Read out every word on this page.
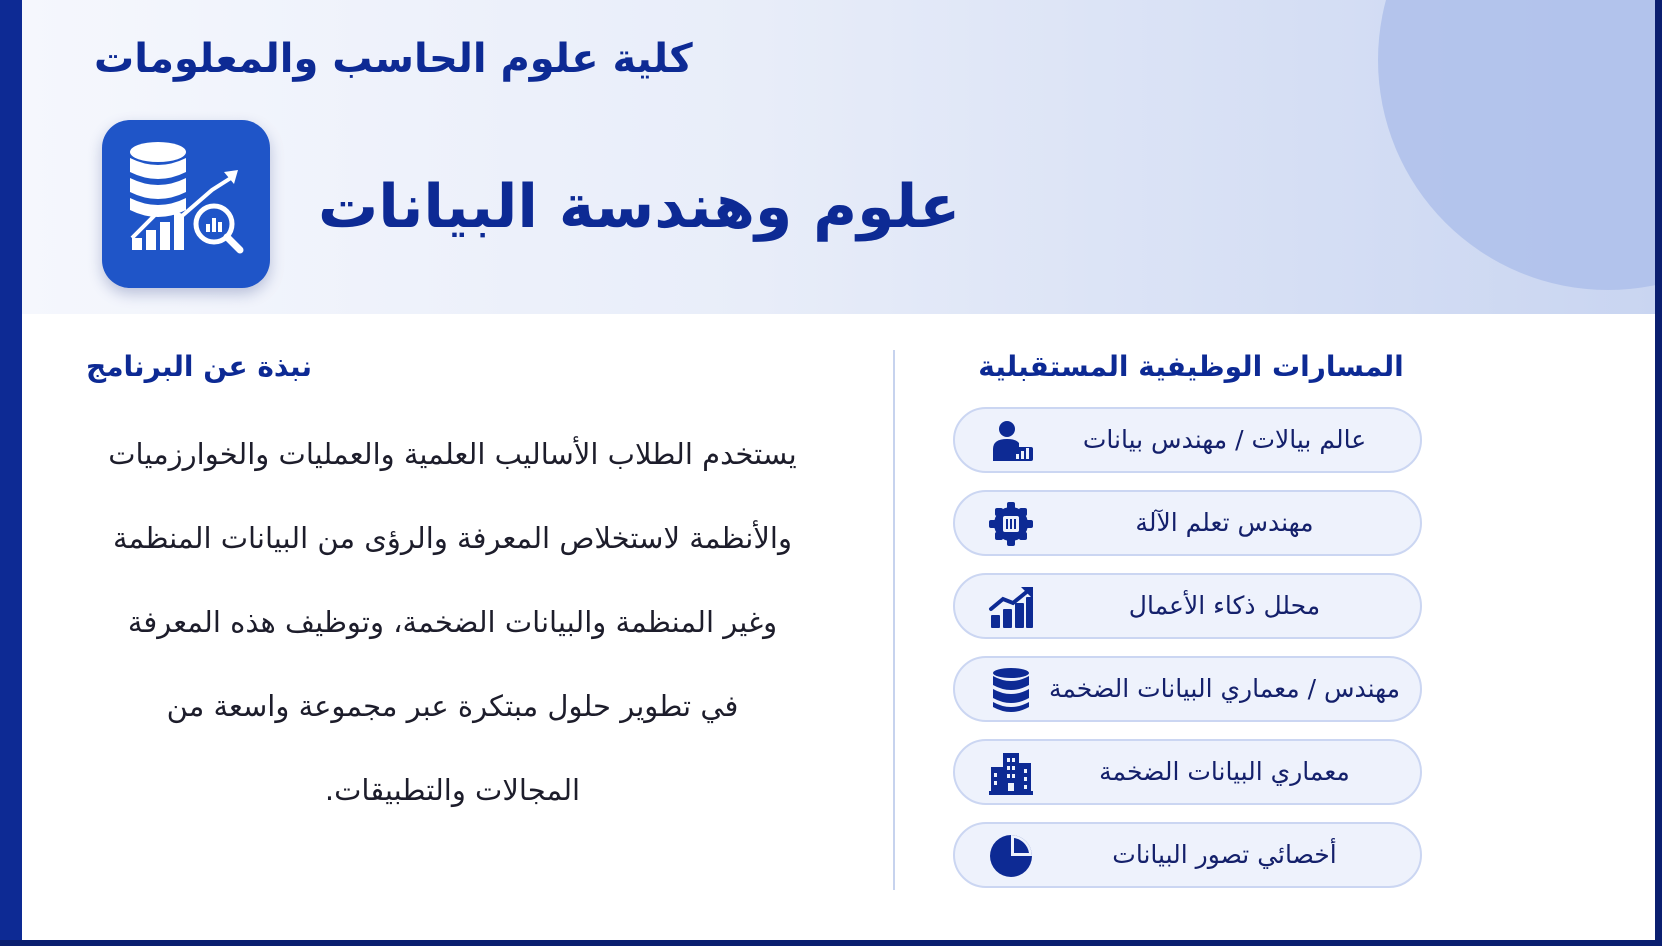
كلية علوم الحاسب والمعلومات
علوم وهندسة البيانات
نبذة عن البرنامج
يستخدم الطلاب الأساليب العلمية والعمليات والخوارزميات
والأنظمة لاستخلاص المعرفة والرؤى من البيانات المنظمة
وغير المنظمة والبيانات الضخمة، وتوظيف هذه المعرفة
في تطوير حلول مبتكرة عبر مجموعة واسعة من
المجالات والتطبيقات.
المسارات الوظيفية المستقبلية
عالم بيالات / مهندس بيانات
مهندس تعلم الآلة
محلل ذكاء الأعمال
مهندس / معماري البيانات الضخمة
معماري البيانات الضخمة
أخصائي تصور البيانات
